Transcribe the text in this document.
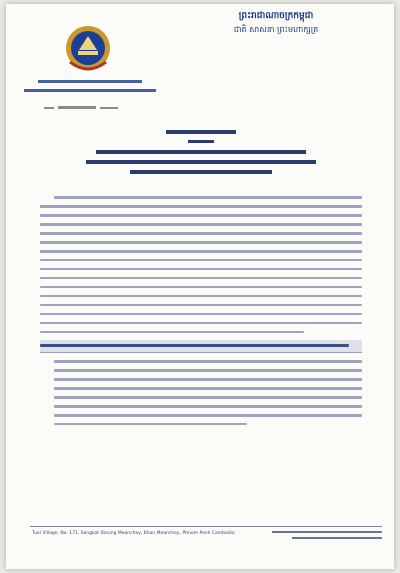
ព្រះរាជាណាចក្រកម្ពុជា
ជាតិ សាសនា ព្រះមហាក្សត្រ
Tuol Village, No. 171, Sangkat Steung Meanchey, Khan Meanchey, Phnom Penh Cambodia
